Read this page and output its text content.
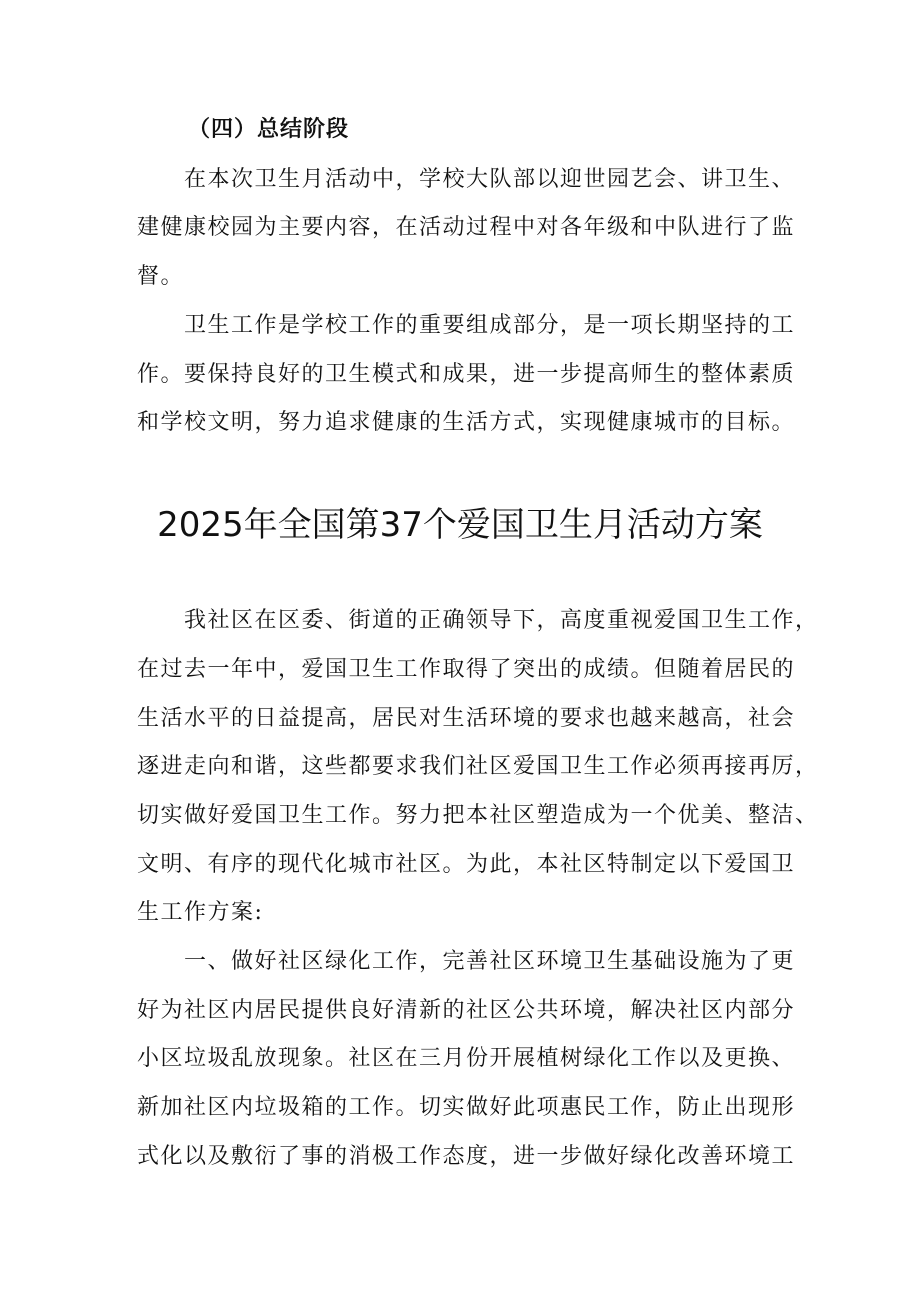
（四）总结阶段
在本次卫生月活动中，学校大队部以迎世园艺会、讲卫生、
建健康校园为主要内容，在活动过程中对各年级和中队进行了监
督。
卫生工作是学校工作的重要组成部分，是一项长期坚持的工
作。要保持良好的卫生模式和成果，进一步提高师生的整体素质
和学校文明，努力追求健康的生活方式，实现健康城市的目标。
2025年全国第37个爱国卫生月活动方案
我社区在区委、街道的正确领导下，高度重视爱国卫生工作，
在过去一年中，爱国卫生工作取得了突出的成绩。但随着居民的
生活水平的日益提高，居民对生活环境的要求也越来越高，社会
逐进走向和谐，这些都要求我们社区爱国卫生工作必须再接再厉，
切实做好爱国卫生工作。努力把本社区塑造成为一个优美、整洁、
文明、有序的现代化城市社区。为此，本社区特制定以下爱国卫
生工作方案:
一、做好社区绿化工作，完善社区环境卫生基础设施为了更
好为社区内居民提供良好清新的社区公共环境，解决社区内部分
小区垃圾乱放现象。社区在三月份开展植树绿化工作以及更换、
新加社区内垃圾箱的工作。切实做好此项惠民工作，防止出现形
式化以及敷衍了事的消极工作态度，进一步做好绿化改善环境工
